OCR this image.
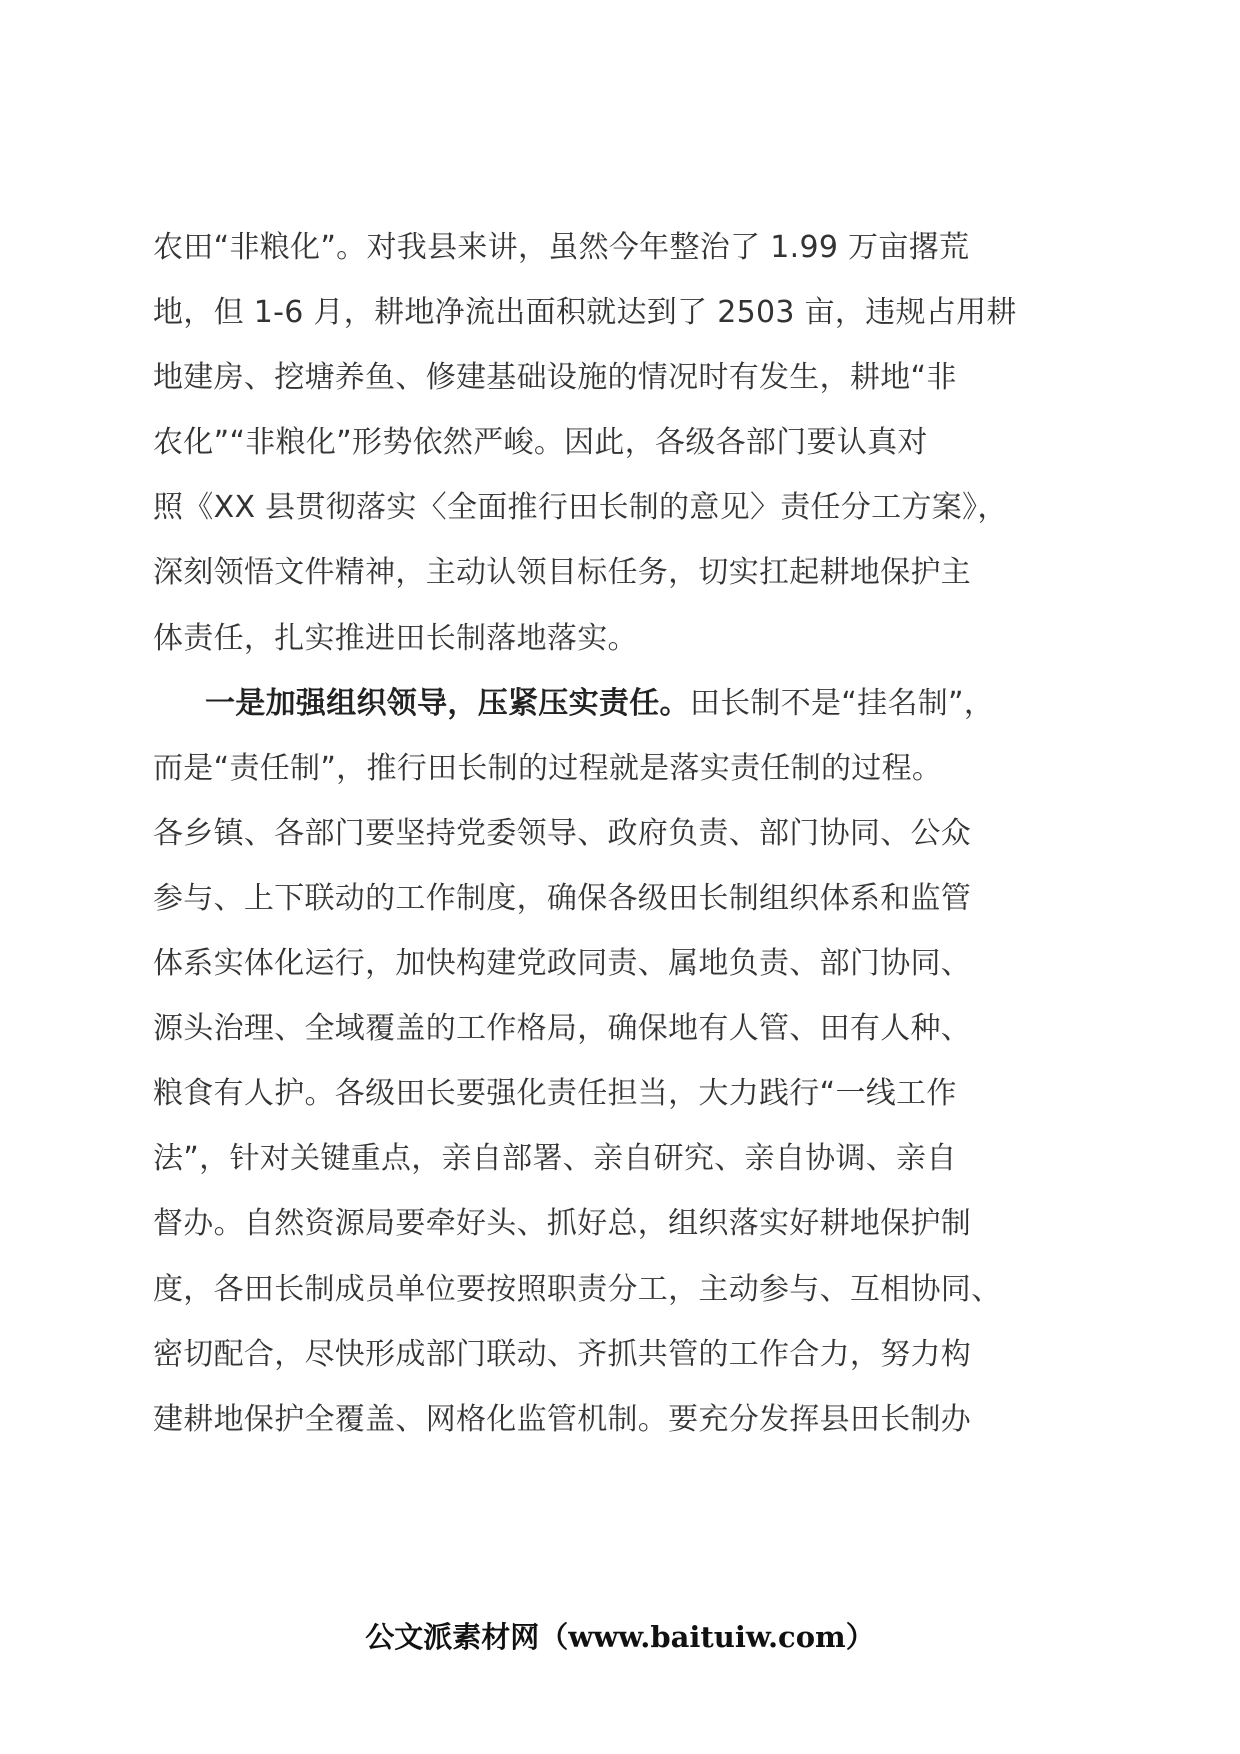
农田“非粮化”。对我县来讲，虽然今年整治了 1.99 万亩撂荒
地，但 1-6 月，耕地净流出面积就达到了 2503 亩，违规占用耕
地建房、挖塘养鱼、修建基础设施的情况时有发生，耕地“非
农化”“非粮化”形势依然严峻。因此，各级各部门要认真对
照《XX 县贯彻落实〈全面推行田长制的意见〉责任分工方案》，
深刻领悟文件精神，主动认领目标任务，切实扛起耕地保护主
体责任，扎实推进田长制落地落实。
一是加强组织领导，压紧压实责任。田长制不是“挂名制”，
而是“责任制”，推行田长制的过程就是落实责任制的过程。
各乡镇、各部门要坚持党委领导、政府负责、部门协同、公众
参与、上下联动的工作制度，确保各级田长制组织体系和监管
体系实体化运行，加快构建党政同责、属地负责、部门协同、
源头治理、全域覆盖的工作格局，确保地有人管、田有人种、
粮食有人护。各级田长要强化责任担当，大力践行“一线工作
法”，针对关键重点，亲自部署、亲自研究、亲自协调、亲自
督办。自然资源局要牵好头、抓好总，组织落实好耕地保护制
度，各田长制成员单位要按照职责分工，主动参与、互相协同、
密切配合，尽快形成部门联动、齐抓共管的工作合力，努力构
建耕地保护全覆盖、网格化监管机制。要充分发挥县田长制办
公文派素材网（www.baituiw.com）
